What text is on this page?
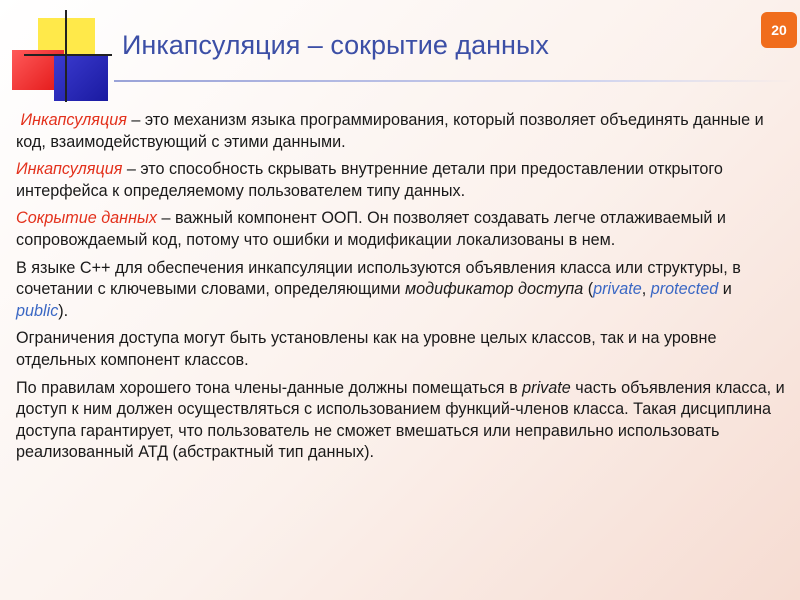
Инкапсуляция – сокрытие данных	20

Инкапсуляция – это механизм языка программирования, который позволяет объединять данные и код, взаимодействующий с этими данными.

Инкапсуляция – это способность скрывать внутренние детали при предоставлении открытого интерфейса к определяемому пользователем типу данных.

Сокрытие данных – важный компонент ООП. Он позволяет создавать легче отлаживаемый и сопровождаемый код, потому что ошибки и модификации локализованы в нем.

В языке C++ для обеспечения инкапсуляции используются объявления класса или структуры, в сочетании с ключевыми словами, определяющими модификатор доступа (private, protected и public).

Ограничения доступа могут быть установлены как на уровне целых классов, так и на уровне отдельных компонент классов.

По правилам хорошего тона члены-данные должны помещаться в private часть объявления класса, и доступ к ним должен осуществляться с использованием функций-членов класса. Такая дисциплина доступа гарантирует, что пользователь не сможет вмешаться или неправильно использовать реализованный АТД (абстрактный тип данных).
